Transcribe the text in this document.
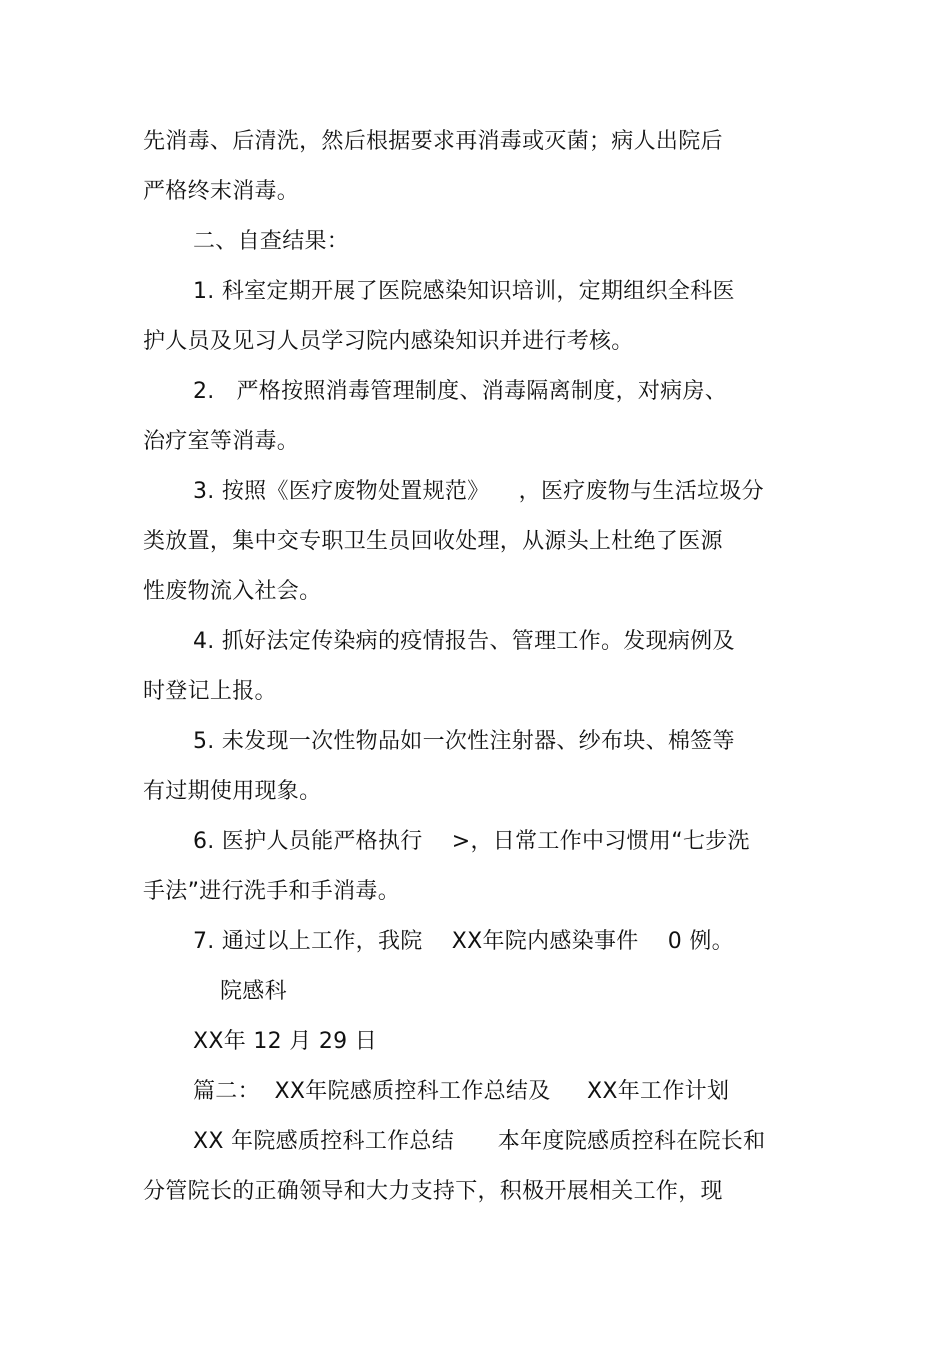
先消毒、后清洗，然后根据要求再消毒或灭菌；病人出院后
严格终末消毒。
二、自查结果：
1. 科室定期开展了医院感染知识培训，定期组织全科医
护人员及见习人员学习院内感染知识并进行考核。
2.   严格按照消毒管理制度、消毒隔离制度，对病房、
治疗室等消毒。
3. 按照《医疗废物处置规范》    ，医疗废物与生活垃圾分
类放置，集中交专职卫生员回收处理，从源头上杜绝了医源
性废物流入社会。
4. 抓好法定传染病的疫情报告、管理工作。发现病例及
时登记上报。
5. 未发现一次性物品如一次性注射器、纱布块、棉签等
有过期使用现象。
6. 医护人员能严格执行    >，日常工作中习惯用“七步洗
手法”进行洗手和手消毒。
7. 通过以上工作，我院    XX年院内感染事件    0 例。
院感科
XX年 12 月 29 日
篇二：  XX年院感质控科工作总结及     XX年工作计划
XX 年院感质控科工作总结      本年度院感质控科在院长和
分管院长的正确领导和大力支持下，积极开展相关工作，现
